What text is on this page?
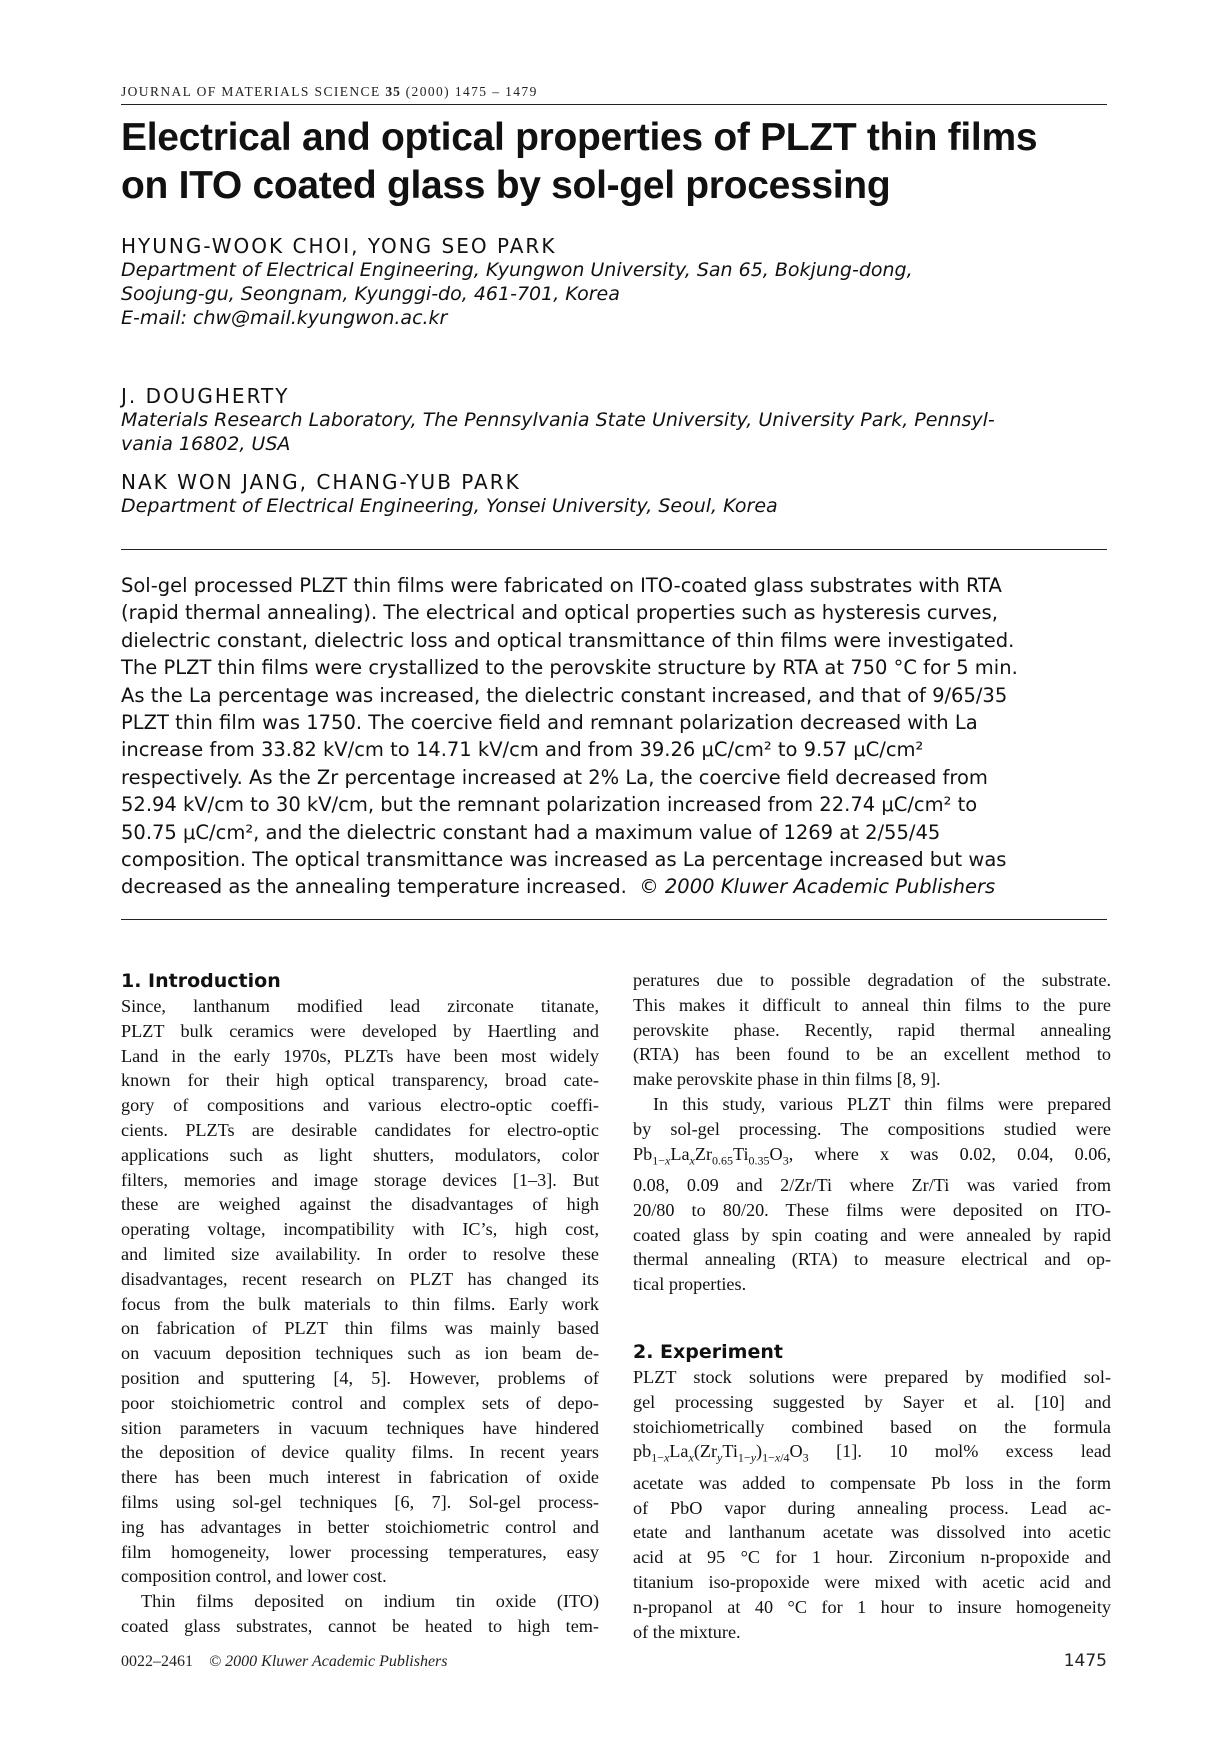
JOURNAL OF MATERIALS SCIENCE 35 (2000) 1475 – 1479
Electrical and optical properties of PLZT thin films
on ITO coated glass by sol-gel processing
HYUNG-WOOK CHOI, YONG SEO PARK
Department of Electrical Engineering, Kyungwon University, San 65, Bokjung-dong,
Soojung-gu, Seongnam, Kyunggi-do, 461-701, Korea
E-mail: chw@mail.kyungwon.ac.kr
J. DOUGHERTY
Materials Research Laboratory, The Pennsylvania State University, University Park, Pennsyl-
vania 16802, USA
NAK WON JANG, CHANG-YUB PARK
Department of Electrical Engineering, Yonsei University, Seoul, Korea
Sol-gel processed PLZT thin films were fabricated on ITO-coated glass substrates with RTA
(rapid thermal annealing). The electrical and optical properties such as hysteresis curves,
dielectric constant, dielectric loss and optical transmittance of thin films were investigated.
The PLZT thin films were crystallized to the perovskite structure by RTA at 750 °C for 5 min.
As the La percentage was increased, the dielectric constant increased, and that of 9/65/35
PLZT thin film was 1750. The coercive field and remnant polarization decreased with La
increase from 33.82 kV/cm to 14.71 kV/cm and from 39.26 μC/cm² to 9.57 μC/cm²
respectively. As the Zr percentage increased at 2% La, the coercive field decreased from
52.94 kV/cm to 30 kV/cm, but the remnant polarization increased from 22.74 μC/cm² to
50.75 μC/cm², and the dielectric constant had a maximum value of 1269 at 2/55/45
composition. The optical transmittance was increased as La percentage increased but was
decreased as the annealing temperature increased. © 2000 Kluwer Academic Publishers
1. Introduction
Since, lanthanum modified lead zirconate titanate,
PLZT bulk ceramics were developed by Haertling and
Land in the early 1970s, PLZTs have been most widely
known for their high optical transparency, broad cate-
gory of compositions and various electro-optic coeffi-
cients. PLZTs are desirable candidates for electro-optic
applications such as light shutters, modulators, color
filters, memories and image storage devices [1–3]. But
these are weighed against the disadvantages of high
operating voltage, incompatibility with IC’s, high cost,
and limited size availability. In order to resolve these
disadvantages, recent research on PLZT has changed its
focus from the bulk materials to thin films. Early work
on fabrication of PLZT thin films was mainly based
on vacuum deposition techniques such as ion beam de-
position and sputtering [4, 5]. However, problems of
poor stoichiometric control and complex sets of depo-
sition parameters in vacuum techniques have hindered
the deposition of device quality films. In recent years
there has been much interest in fabrication of oxide
films using sol-gel techniques [6, 7]. Sol-gel process-
ing has advantages in better stoichiometric control and
film homogeneity, lower processing temperatures, easy
composition control, and lower cost.
Thin films deposited on indium tin oxide (ITO)
coated glass substrates, cannot be heated to high tem-
peratures due to possible degradation of the substrate.
This makes it difficult to anneal thin films to the pure
perovskite phase. Recently, rapid thermal annealing
(RTA) has been found to be an excellent method to
make perovskite phase in thin films [8, 9].
In this study, various PLZT thin films were prepared
by sol-gel processing. The compositions studied were
$Pb_{1-x}La_xZr_{0.65}Ti_{0.35}O_3$, where x was 0.02, 0.04, 0.06,
0.08, 0.09 and 2/Zr/Ti where Zr/Ti was varied from
20/80 to 80/20. These films were deposited on ITO-
coated glass by spin coating and were annealed by rapid
thermal annealing (RTA) to measure electrical and op-
tical properties.
2. Experiment
PLZT stock solutions were prepared by modified sol-
gel processing suggested by Sayer et al. [10] and
stoichiometrically combined based on the formula
$pb_{1-x}La_x(Zr_yTi_{1-y})_{1-x/4}O_3$ [1]. 10 mol% excess lead
acetate was added to compensate Pb loss in the form
of PbO vapor during annealing process. Lead ac-
etate and lanthanum acetate was dissolved into acetic
acid at 95 °C for 1 hour. Zirconium n-propoxide and
titanium iso-propoxide were mixed with acetic acid and
n-propanol at 40 °C for 1 hour to insure homogeneity
of the mixture.
0022–2461 © 2000 Kluwer Academic Publishers	1475
